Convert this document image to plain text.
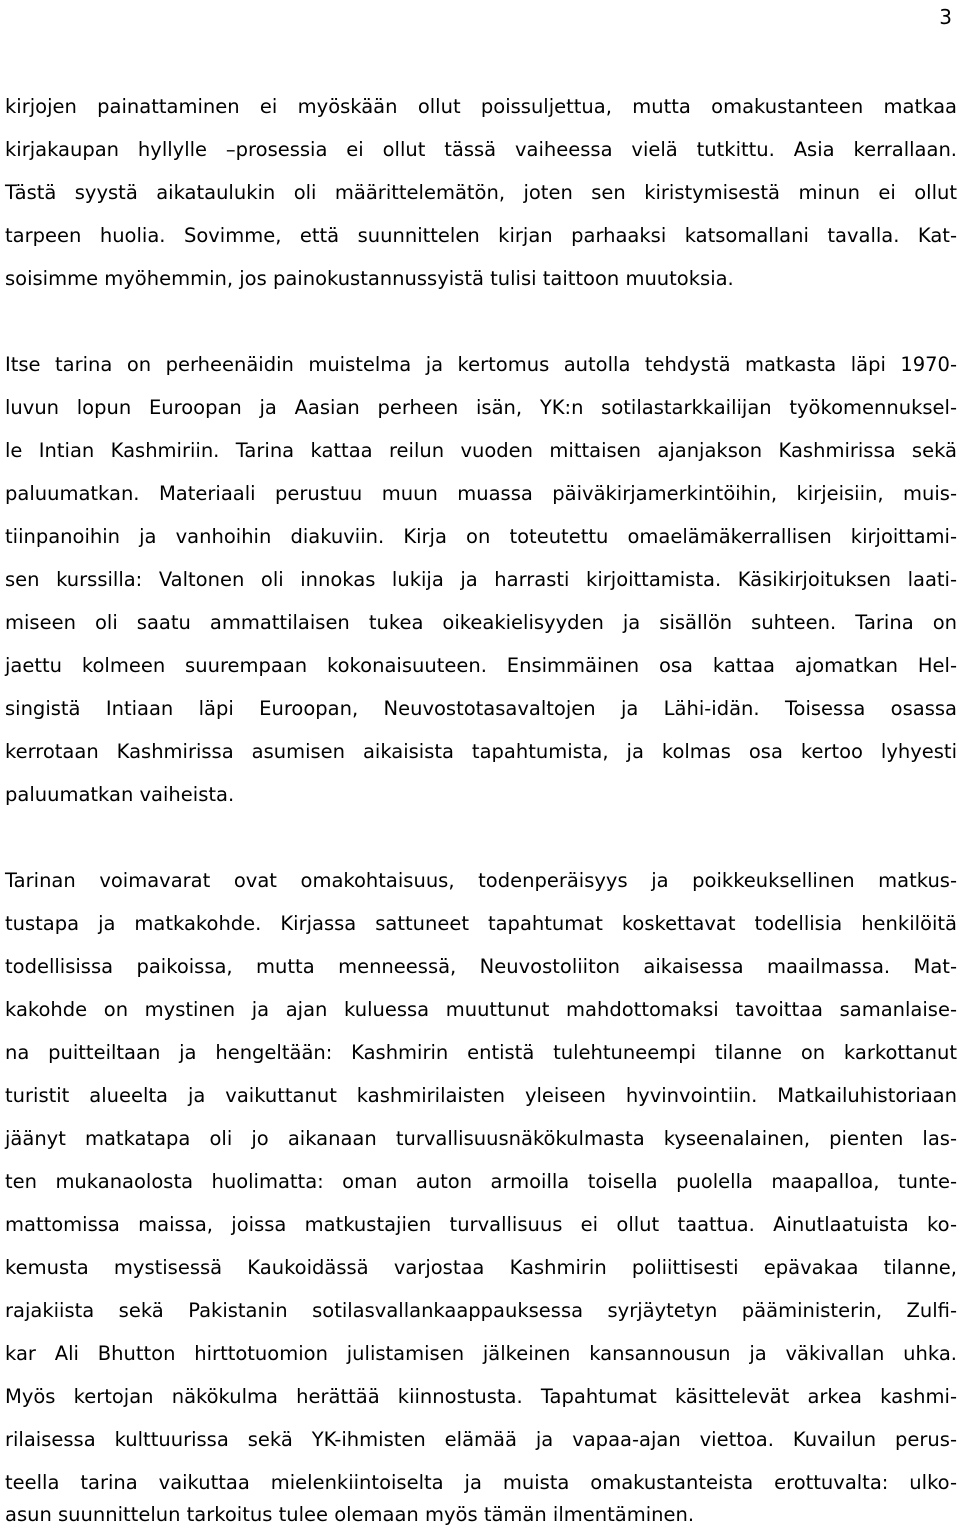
3
kirjojen painattaminen ei myöskään ollut poissuljettua, mutta omakustanteen matkaa
kirjakaupan hyllylle –prosessia ei ollut tässä vaiheessa vielä tutkittu. Asia kerrallaan.
Tästä syystä aikataulukin oli määrittelemätön, joten sen kiristymisestä minun ei ollut
tarpeen huolia. Sovimme, että suunnittelen kirjan parhaaksi katsomallani tavalla. Kat-
soisimme myöhemmin, jos painokustannussyistä tulisi taittoon muutoksia.
Itse tarina on perheenäidin muistelma ja kertomus autolla tehdystä matkasta läpi 1970-
luvun lopun Euroopan ja Aasian perheen isän, YK:n sotilastarkkailijan työkomennuksel-
le Intian Kashmiriin. Tarina kattaa reilun vuoden mittaisen ajanjakson Kashmirissa sekä
paluumatkan. Materiaali perustuu muun muassa päiväkirjamerkintöihin, kirjeisiin, muis-
tiinpanoihin ja vanhoihin diakuviin. Kirja on toteutettu omaelämäkerrallisen kirjoittami-
sen kurssilla: Valtonen oli innokas lukija ja harrasti kirjoittamista. Käsikirjoituksen laati-
miseen oli saatu ammattilaisen tukea oikeakielisyyden ja sisällön suhteen. Tarina on
jaettu kolmeen suurempaan kokonaisuuteen. Ensimmäinen osa kattaa ajomatkan Hel-
singistä Intiaan läpi Euroopan, Neuvostotasavaltojen ja Lähi-idän. Toisessa osassa
kerrotaan Kashmirissa asumisen aikaisista tapahtumista, ja kolmas osa kertoo lyhyesti
paluumatkan vaiheista.
Tarinan voimavarat ovat omakohtaisuus, todenperäisyys ja poikkeuksellinen matkus-
tustapa ja matkakohde. Kirjassa sattuneet tapahtumat koskettavat todellisia henkilöitä
todellisissa paikoissa, mutta menneessä, Neuvostoliiton aikaisessa maailmassa. Mat-
kakohde on mystinen ja ajan kuluessa muuttunut mahdottomaksi tavoittaa samanlaise-
na puitteiltaan ja hengeltään: Kashmirin entistä tulehtuneempi tilanne on karkottanut
turistit alueelta ja vaikuttanut kashmirilaisten yleiseen hyvinvointiin. Matkailuhistoriaan
jäänyt matkatapa oli jo aikanaan turvallisuusnäkökulmasta kyseenalainen, pienten las-
ten mukanaolosta huolimatta: oman auton armoilla toisella puolella maapalloa, tunte-
mattomissa maissa, joissa matkustajien turvallisuus ei ollut taattua. Ainutlaatuista ko-
kemusta mystisessä Kaukoidässä varjostaa Kashmirin poliittisesti epävakaa tilanne,
rajakiista sekä Pakistanin sotilasvallankaappauksessa syrjäytetyn pääministerin, Zulfi-
kar Ali Bhutton hirttotuomion julistamisen jälkeinen kansannousun ja väkivallan uhka.
Myös kertojan näkökulma herättää kiinnostusta. Tapahtumat käsittelevät arkea kashmi-
rilaisessa kulttuurissa sekä YK-ihmisten elämää ja vapaa-ajan viettoa. Kuvailun perus-
teella tarina vaikuttaa mielenkiintoiselta ja muista omakustanteista erottuvalta: ulko-
asun suunnittelun tarkoitus tulee olemaan myös tämän ilmentäminen.
